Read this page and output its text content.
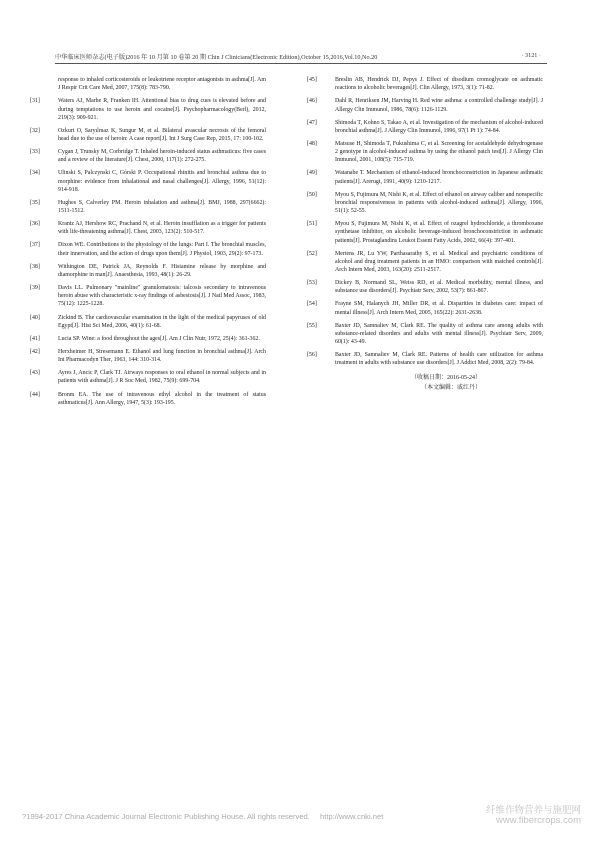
中华临床医师杂志(电子版)2016 年 10 月第 10 卷第 20 期 Chin J Clinicians(Electronic Edition),October 15,2016,Vol.10,No.20	· 3121 ·
response to inhaled corticosteroids or leukotriene receptor antagonists in asthma[J]. Am J Respir Crit Care Med, 2007, 175(8): 783-790.
[31]	Waters AJ, Marhe R, Franken IH. Attentional bias to drug cues is elevated before and during temptations to use heroin and cocaine[J]. Psychopharmacology(Berl), 2012, 219(3): 909-921.
[32]	Ozkurt O, Saryılmaz K, Sungur M, et al. Bilateral avascular necrosis of the femoral head due to the use of heroin: A case report[J]. Int J Surg Case Rep, 2015, 17: 100-102.
[33]	Cygan J, Trunsky M, Corbridge T. Inhaled heroin-induced status asthmaticus: five cases and a review of the literature[J]. Chest, 2000, 117(1): 272-275.
[34]	Ulinski S, Palczynski C, Górski P. Occupational rhinitis and bronchial asthma due to morphine: evidence from inhalational and nasal challenges[J]. Allergy, 1996, 51(12): 914-918.
[35]	Hughes S, Calverley PM. Heroin inhalation and asthma[J]. BMJ, 1988, 297(6662): 1511-1512.
[36]	Krantz AJ, Hershow RC, Prachand N, et al. Heroin insufflation as a trigger for patients with life-threatening asthma[J]. Chest, 2003, 123(2): 510-517.
[37]	Dixon WE. Contributions to the physiology of the lungs: Part I. The bronchial muscles, their innervation, and the action of drugs upon them[J]. J Physiol, 1903, 29(2): 97-173.
[38]	Withington DE, Patrick JA, Reynolds F. Histamine release by morphine and diamorphine in man[J]. Anaesthesia, 1993, 48(1): 26-29.
[39]	Davis LL. Pulmonary "mainline" granulomatosis: talcosis secondary to intravenous heroin abuse with characteristic x-ray findings of asbestosis[J]. J Natl Med Assoc, 1983, 75(12): 1225-1228.
[40]	Zickind B. The cardiovascular examination in the light of the medical papyruses of old Egypt[J]. Hist Sci Med, 2006, 40(1): 61-68.
[41]	Lucia SP. Wine: a food throughout the ages[J]. Am J Clin Nutr, 1972, 25(4): 361-362.
[42]	Herxheimer H, Stresemann E. Ethanol and lung function in bronchial asthma[J]. Arch Int Pharmacodyn Ther, 1963, 144: 310-314.
[43]	Ayres J, Ancic P, Clark TJ. Airways responses to oral ethanol in normal subjects and in patients with asthma[J]. J R Soc Med, 1982, 75(9): 699-704.
[44]	Bronm EA. The use of intravenous ethyl alcohol in the treatment of status asthmaticus[J]. Ann Allergy, 1947, 5(3): 193-195.
[45]	Breslin AB, Hendrick DJ, Pepys J. Effect of disodium cromoglycate on asthmatic reactions to alcoholic beverages[J]. Clin Allergy, 1973, 3(1): 71-82.
[46]	Dahl R, Henriksen JM, Harving H. Red wine asthma: a controlled challenge study[J]. J Allergy Clin Immunol, 1986, 78(6): 1126-1129.
[47]	Shimoda T, Kohno S, Takao A, et al. Investigation of the mechanism of alcohol-induced bronchial asthma[J]. J Allergy Clin Immunol, 1996, 97(1 Pt 1): 74-84.
[48]	Matsuse H, Shimoda T, Fukushima C, et al. Screening for acetaldehyde dehydrogenase 2 genotype in alcohol-induced asthma by using the ethanol patch test[J]. J Allergy Clin Immunol, 2001, 108(5): 715-719.
[49]	Watanabe T. Mechanism of ethanol-induced bronchoconstriction in Japanese asthmatic patients[J]. Arerugi, 1991, 40(9): 1210-1217.
[50]	Myou S, Fujimura M, Nishi K, et al. Effect of ethanol on airway caliber and nonspecific bronchial responsiveness in patients with alcohol-induced asthma[J]. Allergy, 1996, 51(1): 52-55.
[51]	Myou S, Fujimura M, Nishi K, et al. Effect of ozagrel hydrochloride, a thromboxane synthetase inhibitor, on alcoholic beverage-induced bronchoconstriction in asthmatic patients[J]. Prostaglandins Leukot Essent Fatty Acids, 2002, 66(4): 397-401.
[52]	Mertens JR, Lu YW, Parthasarathy S, et al. Medical and psychiatric conditions of alcohol and drug treatment patients in an HMO: comparison with matched controls[J]. Arch Intern Med, 2003, 163(20): 2511-2517.
[53]	Dickey B, Normand SL, Weiss RD, et al. Medical morbidity, mental illness, and substance use disorders[J]. Psychiatr Serv, 2002, 53(7): 861-867.
[54]	Frayne SM, Halanych JH, Miller DR, et al. Disparities in diabetes care: impact of mental illness[J]. Arch Intern Med, 2005, 165(22): 2631-2638.
[55]	Baxter JD, Samnaliev M, Clark RE. The quality of asthma care among adults with substance-related disorders and adults with mental illness[J]. Psychiatr Serv, 2009, 60(1): 43-49.
[56]	Baxter JD, Samnaliev M, Clark RE. Patterns of health care utilization for asthma treatment in adults with substance use disorders[J]. J Addict Med, 2008, 2(2): 79-84.
（收稿日期：2016-05-24）
（本文编辑：戚红丹）
?1994-2017 China Academic Journal Electronic Publishing House. All rights reserved. http://www.cnki.net
纤维作物营养与施肥网
www.fibercrops.com
